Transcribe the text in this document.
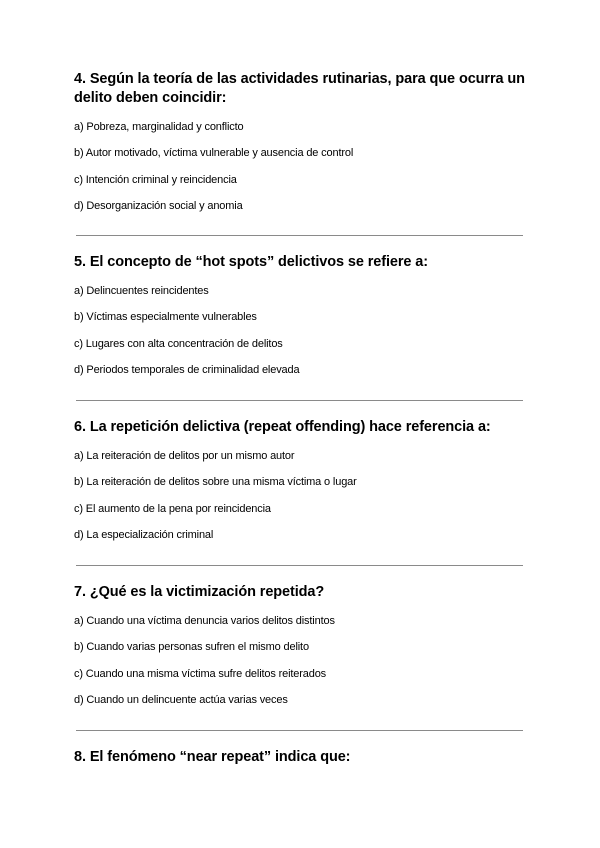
4. Según la teoría de las actividades rutinarias, para que ocurra un delito deben coincidir:

a) Pobreza, marginalidad y conflicto
b) Autor motivado, víctima vulnerable y ausencia de control
c) Intención criminal y reincidencia
d) Desorganización social y anomia

5. El concepto de “hot spots” delictivos se refiere a:

a) Delincuentes reincidentes
b) Víctimas especialmente vulnerables
c) Lugares con alta concentración de delitos
d) Periodos temporales de criminalidad elevada

6. La repetición delictiva (repeat offending) hace referencia a:

a) La reiteración de delitos por un mismo autor
b) La reiteración de delitos sobre una misma víctima o lugar
c) El aumento de la pena por reincidencia
d) La especialización criminal

7. ¿Qué es la victimización repetida?

a) Cuando una víctima denuncia varios delitos distintos
b) Cuando varias personas sufren el mismo delito
c) Cuando una misma víctima sufre delitos reiterados
d) Cuando un delincuente actúa varias veces

8. El fenómeno “near repeat” indica que:
